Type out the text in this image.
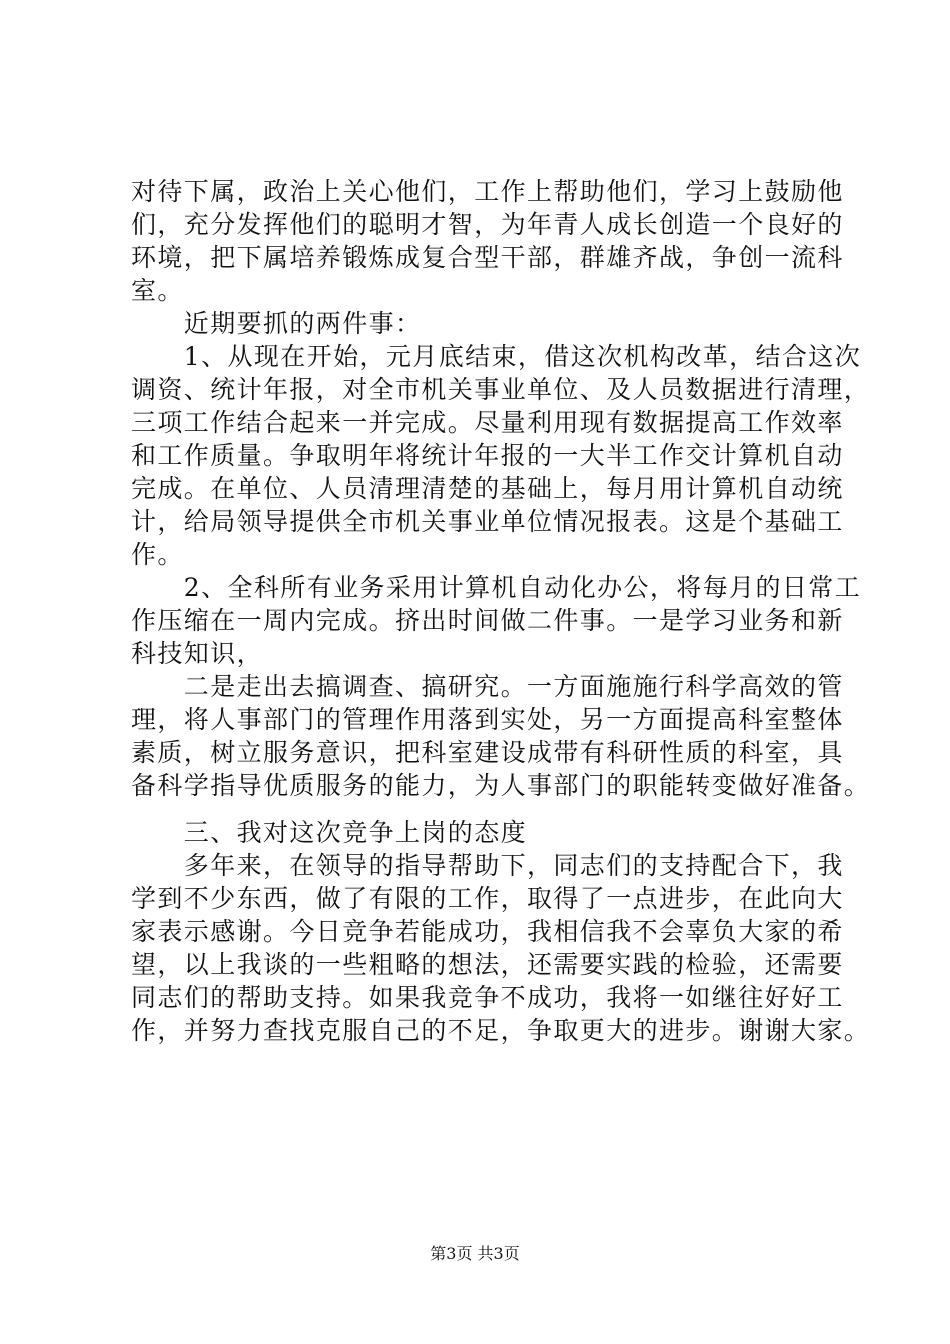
对待下属，政治上关心他们，工作上帮助他们，学习上鼓励他
们，充分发挥他们的聪明才智，为年青人成长创造一个良好的
环境，把下属培养锻炼成复合型干部，群雄齐战，争创一流科
室。
　　近期要抓的两件事：
　　1、从现在开始，元月底结束，借这次机构改革，结合这次
调资、统计年报，对全市机关事业单位、及人员数据进行清理，
三项工作结合起来一并完成。尽量利用现有数据提高工作效率
和工作质量。争取明年将统计年报的一大半工作交计算机自动
完成。在单位、人员清理清楚的基础上，每月用计算机自动统
计，给局领导提供全市机关事业单位情况报表。这是个基础工
作。
　　2、全科所有业务采用计算机自动化办公，将每月的日常工
作压缩在一周内完成。挤出时间做二件事。一是学习业务和新
科技知识，
　　二是走出去搞调查、搞研究。一方面施施行科学高效的管
理，将人事部门的管理作用落到实处，另一方面提高科室整体
素质，树立服务意识，把科室建设成带有科研性质的科室，具
备科学指导优质服务的能力，为人事部门的职能转变做好准备。
　　三、我对这次竞争上岗的态度
　　多年来，在领导的指导帮助下，同志们的支持配合下，我
学到不少东西，做了有限的工作，取得了一点进步，在此向大
家表示感谢。今日竞争若能成功，我相信我不会辜负大家的希
望，以上我谈的一些粗略的想法，还需要实践的检验，还需要
同志们的帮助支持。如果我竞争不成功，我将一如继往好好工
作，并努力查找克服自己的不足，争取更大的进步。谢谢大家。
第3页 共3页
